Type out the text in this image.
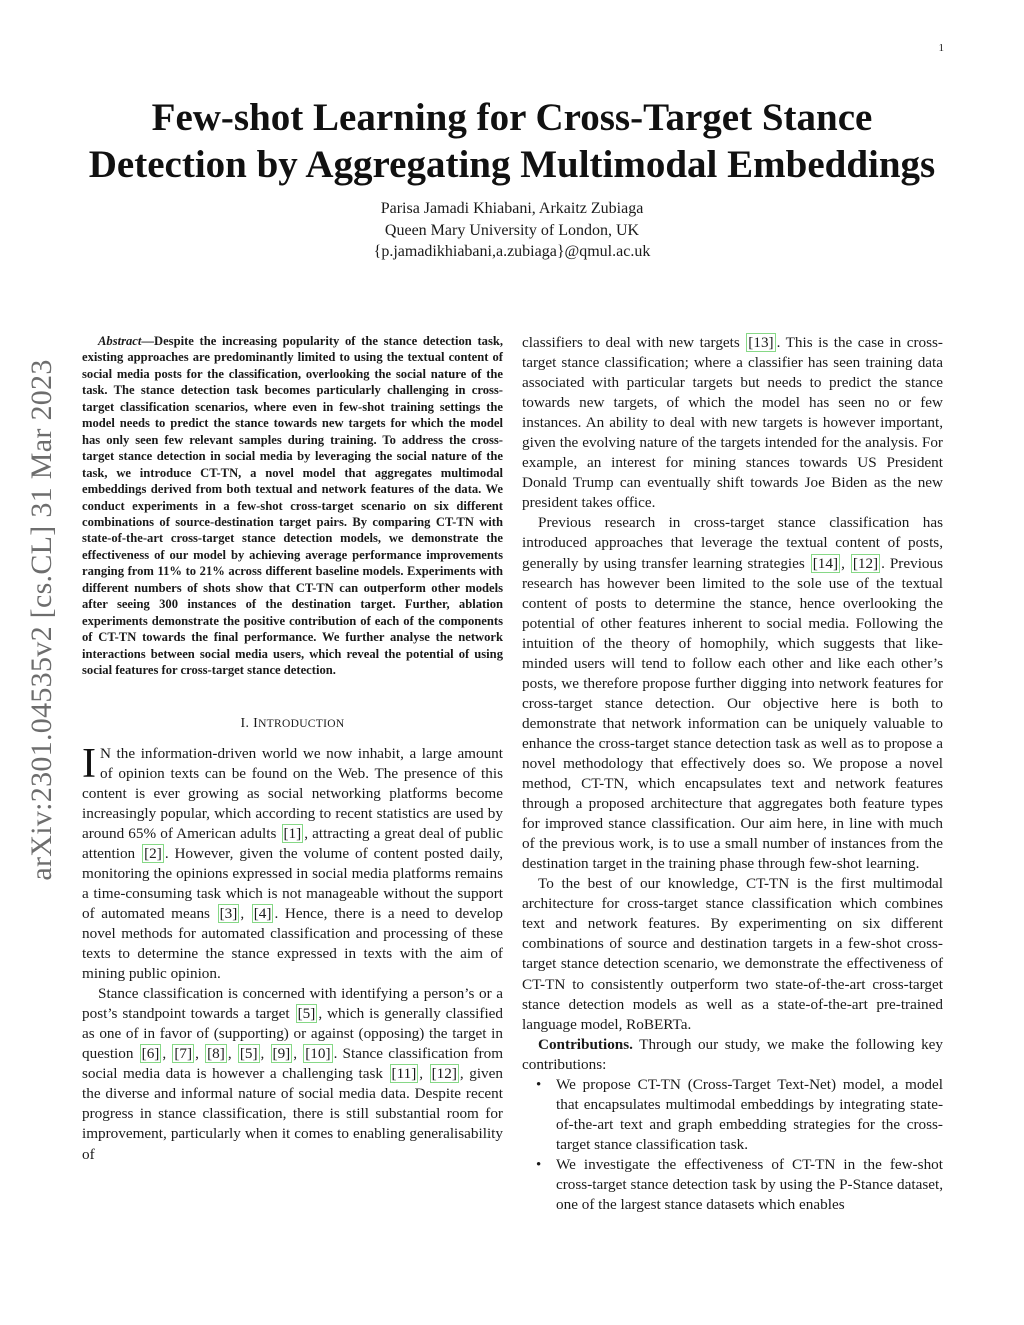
1
arXiv:2301.04535v2 [cs.CL] 31 Mar 2023
Few-shot Learning for Cross-Target Stance
Detection by Aggregating Multimodal Embeddings
Parisa Jamadi Khiabani, Arkaitz Zubiaga
Queen Mary University of London, UK
{p.jamadikhiabani,a.zubiaga}@qmul.ac.uk

Abstract—Despite the increasing popularity of the stance detection task, existing approaches are predominantly limited to using the textual content of social media posts for the classification, overlooking the social nature of the task. The stance detection task becomes particularly challenging in cross-target classification scenarios, where even in few-shot training settings the model needs to predict the stance towards new targets for which the model has only seen few relevant samples during training. To address the cross-target stance detection in social media by leveraging the social nature of the task, we introduce CT-TN, a novel model that aggregates multimodal embeddings derived from both textual and network features of the data. We conduct experiments in a few-shot cross-target scenario on six different combinations of source-destination target pairs. By comparing CT-TN with state-of-the-art cross-target stance detection models, we demonstrate the effectiveness of our model by achieving average performance improvements ranging from 11% to 21% across different baseline models. Experiments with different numbers of shots show that CT-TN can outperform other models after seeing 300 instances of the destination target. Further, ablation experiments demonstrate the positive contribution of each of the components of CT-TN towards the final performance. We further analyse the network interactions between social media users, which reveal the potential of using social features for cross-target stance detection.

I. INTRODUCTION

I N the information-driven world we now inhabit, a large amount of opinion texts can be found on the Web. The presence of this content is ever growing as social networking platforms become increasingly popular, which according to recent statistics are used by around 65% of American adults [1] , attracting a great deal of public attention [2] . However, given the volume of content posted daily, monitoring the opinions expressed in social media platforms remains a time-consuming task which is not manageable without the support of automated means [3] , [4] . Hence, there is a need to develop novel methods for automated classification and processing of these texts to determine the stance expressed in texts with the aim of mining public opinion.

Stance classification is concerned with identifying a person’s or a post’s standpoint towards a target [5] , which is generally classified as one of in favor of (supporting) or against (opposing) the target in question [6] , [7] , [8] , [5] , [9] , [10] . Stance classification from social media data is however a challenging task [11] , [12] , given the diverse and informal nature of social media data. Despite recent progress in stance classification, there is still substantial room for improvement, particularly when it comes to enabling generalisability of

classifiers to deal with new targets [13] . This is the case in cross-target stance classification; where a classifier has seen training data associated with particular targets but needs to predict the stance towards new targets, of which the model has seen no or few instances. An ability to deal with new targets is however important, given the evolving nature of the targets intended for the analysis. For example, an interest for mining stances towards US President Donald Trump can eventually shift towards Joe Biden as the new president takes office.

Previous research in cross-target stance classification has introduced approaches that leverage the textual content of posts, generally by using transfer learning strategies [14] , [12] . Previous research has however been limited to the sole use of the textual content of posts to determine the stance, hence overlooking the potential of other features inherent to social media. Following the intuition of the theory of homophily, which suggests that like-minded users will tend to follow each other and like each other’s posts, we therefore propose further digging into network features for cross-target stance detection. Our objective here is both to demonstrate that network information can be uniquely valuable to enhance the cross-target stance detection task as well as to propose a novel methodology that effectively does so. We propose a novel method, CT-TN, which encapsulates text and network features through a proposed architecture that aggregates both feature types for improved stance classification. Our aim here, in line with much of the previous work, is to use a small number of instances from the destination target in the training phase through few-shot learning.

To the best of our knowledge, CT-TN is the first multimodal architecture for cross-target stance classification which combines text and network features. By experimenting on six different combinations of source and destination targets in a few-shot cross-target stance detection scenario, we demonstrate the effectiveness of CT-TN to consistently outperform two state-of-the-art cross-target stance detection models as well as a state-of-the-art pre-trained language model, RoBERTa.

Contributions. Through our study, we make the following key contributions:

• We propose CT-TN (Cross-Target Text-Net) model, a model that encapsulates multimodal embeddings by integrating state-of-the-art text and graph embedding strategies for the cross-target stance classification task.
• We investigate the effectiveness of CT-TN in the few-shot cross-target stance detection task by using the P-Stance dataset, one of the largest stance datasets which enables
